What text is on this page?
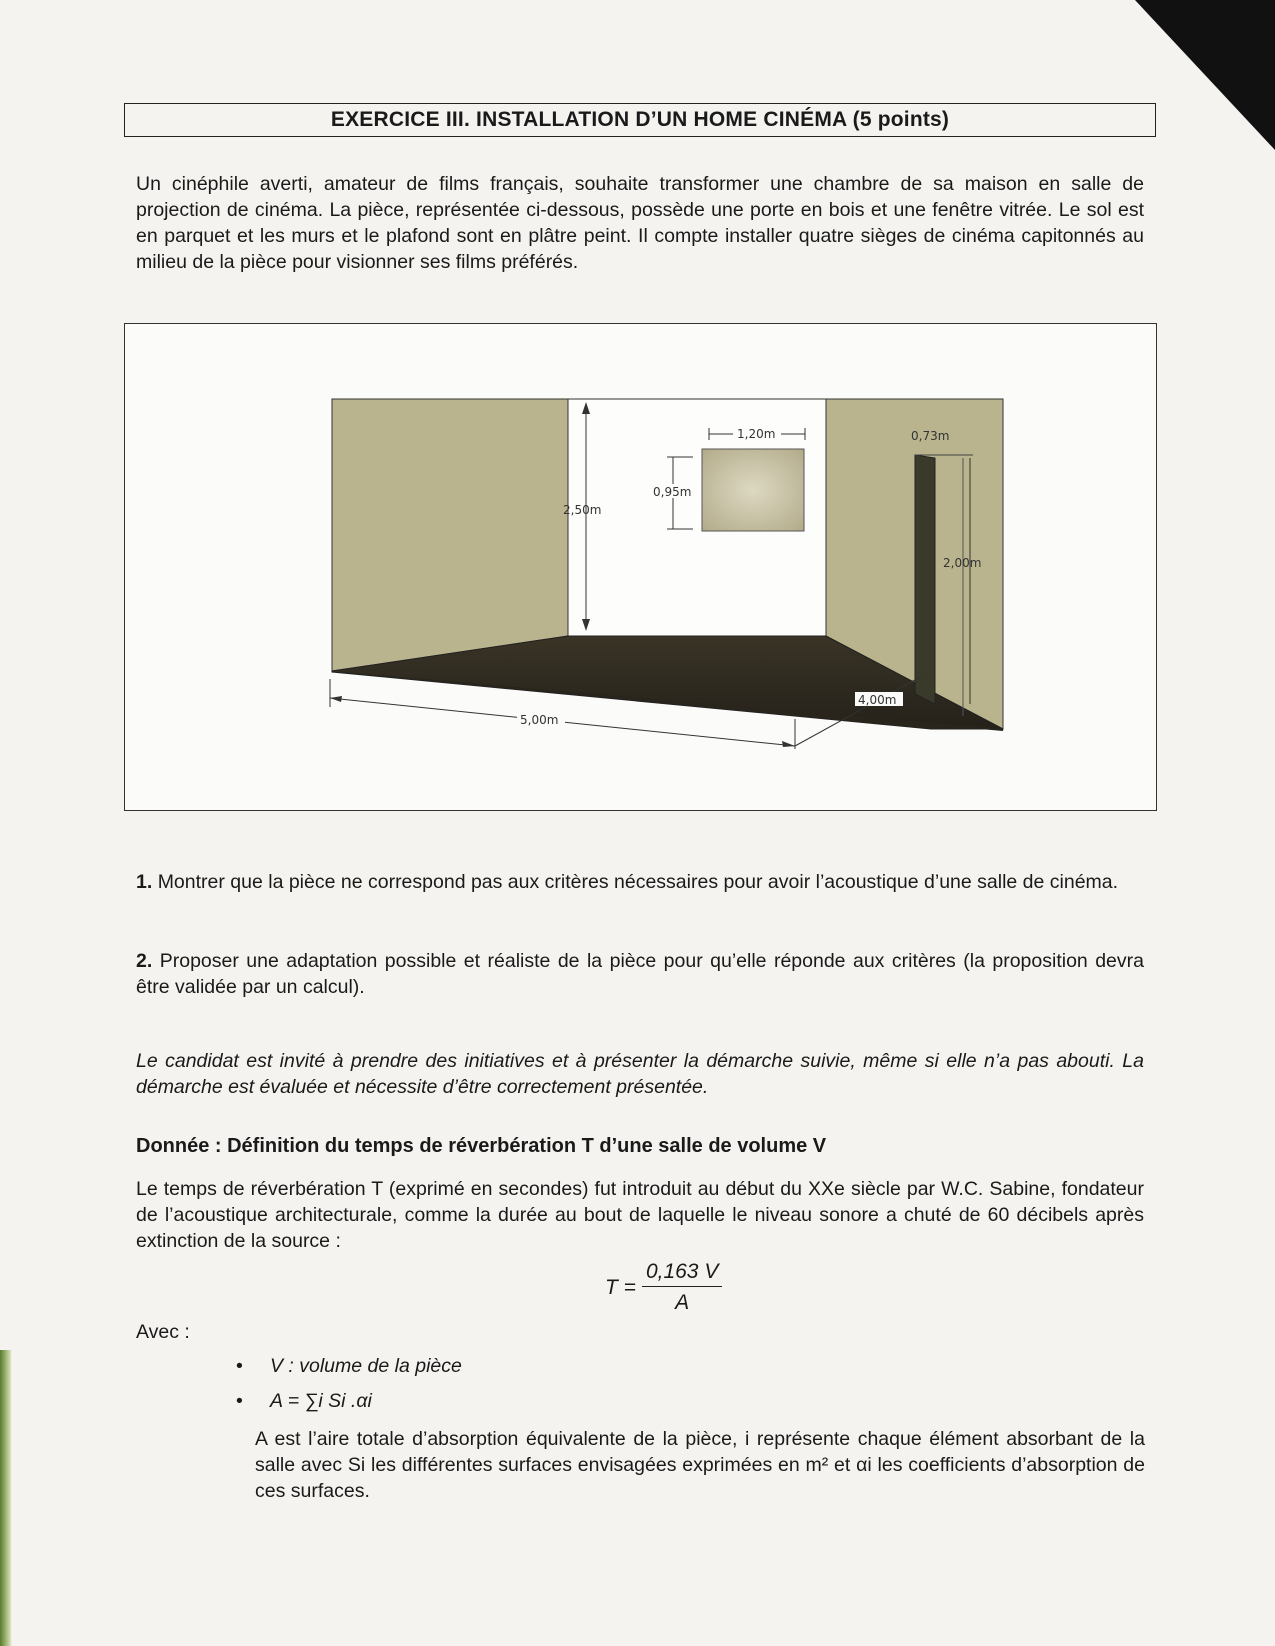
EXERCICE III. INSTALLATION D’UN HOME CINÉMA (5 points)
Un cinéphile averti, amateur de films français, souhaite transformer une chambre de sa maison en salle de projection de cinéma. La pièce, représentée ci-dessous, possède une porte en bois et une fenêtre vitrée. Le sol est en parquet et les murs et le plafond sont en plâtre peint. Il compte installer quatre sièges de cinéma capitonnés au milieu de la pièce pour visionner ses films préférés.
2,50m
1,20m
0,95m
0,73m
2,00m
5,00m
4,00m
1. Montrer que la pièce ne correspond pas aux critères nécessaires pour avoir l’acoustique d’une salle de cinéma.
2. Proposer une adaptation possible et réaliste de la pièce pour qu’elle réponde aux critères (la proposition devra être validée par un calcul).
Le candidat est invité à prendre des initiatives et à présenter la démarche suivie, même si elle n’a pas abouti. La démarche est évaluée et nécessite d’être correctement présentée.
Donnée : Définition du temps de réverbération T d’une salle de volume V
Le temps de réverbération T (exprimé en secondes) fut introduit au début du XXe siècle par W.C. Sabine, fondateur de l’acoustique architecturale, comme la durée au bout de laquelle le niveau sonore a chuté de 60 décibels après extinction de la source :
$T = \frac{0,163 V}{A}$
Avec :
•	V : volume de la pièce
•	A = ∑i Si .αi
A est l’aire totale d’absorption équivalente de la pièce, i représente chaque élément absorbant de la salle avec Si les différentes surfaces envisagées exprimées en m² et αi les coefficients d’absorption de ces surfaces.
